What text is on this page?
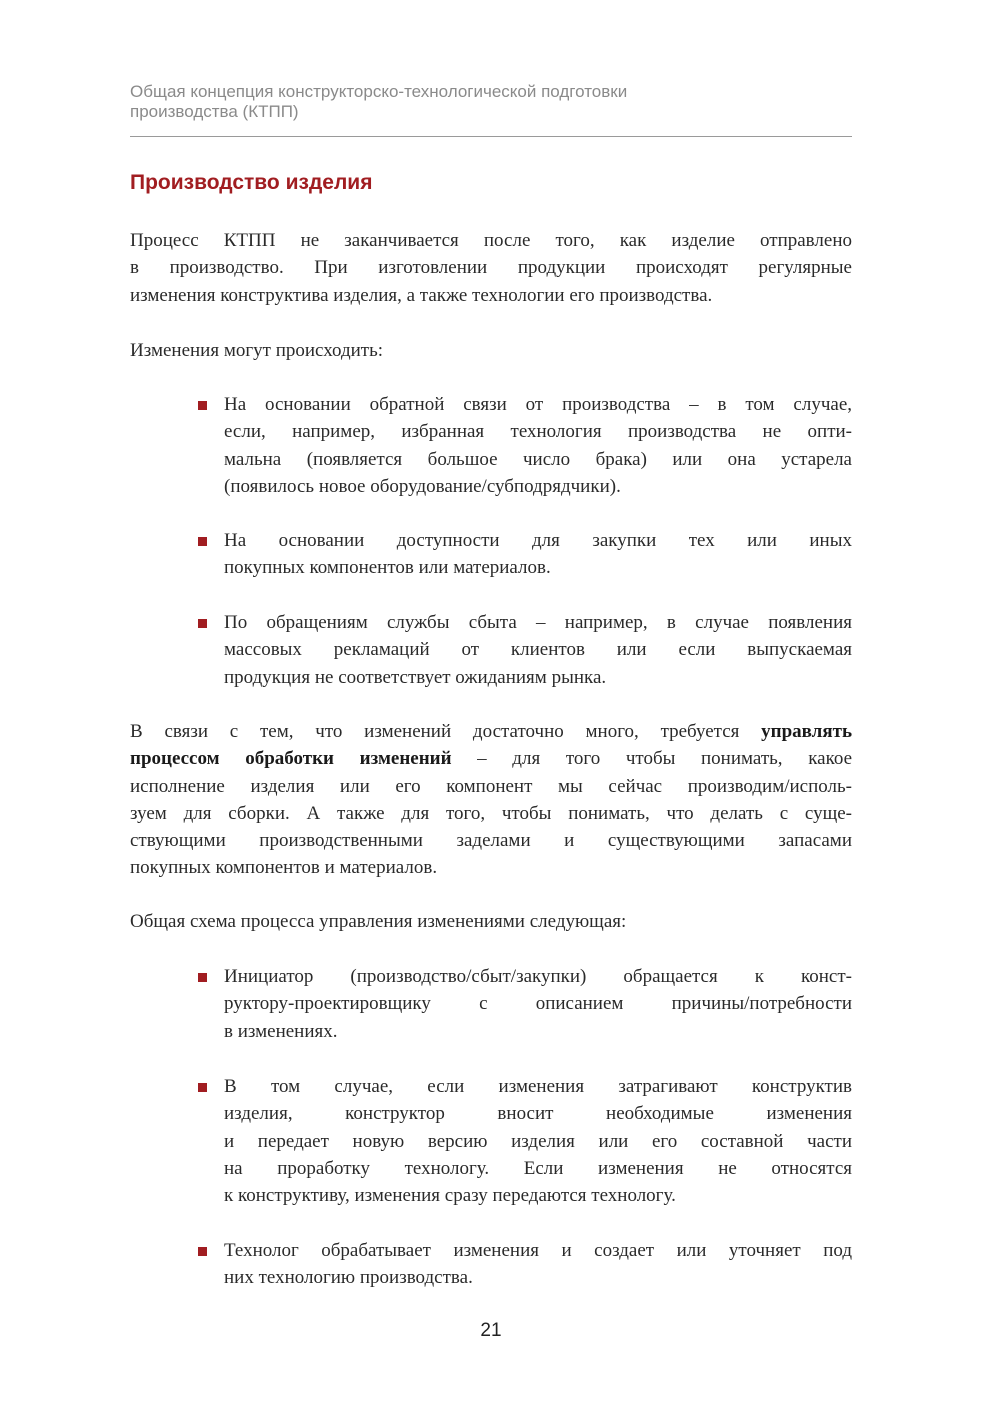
Общая концепция конструкторско-технологической подготовки
производства (КТПП)
Производство изделия
Процесс КТПП не заканчивается после того, как изделие отправлено
в производство. При изготовлении продукции происходят регулярные
изменения конструктива изделия, а также технологии его производства.
Изменения могут происходить:
На основании обратной связи от производства – в том случае,
если, например, избранная технология производства не опти-
мальна (появляется большое число брака) или она устарела
(появилось новое оборудование/субподрядчики).
На основании доступности для закупки тех или иных
покупных компонентов или материалов.
По обращениям службы сбыта – например, в случае появления
массовых рекламаций от клиентов или если выпускаемая
продукция не соответствует ожиданиям рынка.
В связи с тем, что изменений достаточно много, требуется управлять
процессом обработки изменений – для того чтобы понимать, какое
исполнение изделия или его компонент мы сейчас производим/исполь-
зуем для сборки. А также для того, чтобы понимать, что делать с суще-
ствующими производственными заделами и существующими запасами
покупных компонентов и материалов.
Общая схема процесса управления изменениями следующая:
Инициатор (производство/сбыт/закупки) обращается к конст-
руктору-проектировщику с описанием причины/потребности
в изменениях.
В том случае, если изменения затрагивают конструктив
изделия, конструктор вносит необходимые изменения
и передает новую версию изделия или его составной части
на проработку технологу. Если изменения не относятся
к конструктиву, изменения сразу передаются технологу.
Технолог обрабатывает изменения и создает или уточняет под
них технологию производства.
21
